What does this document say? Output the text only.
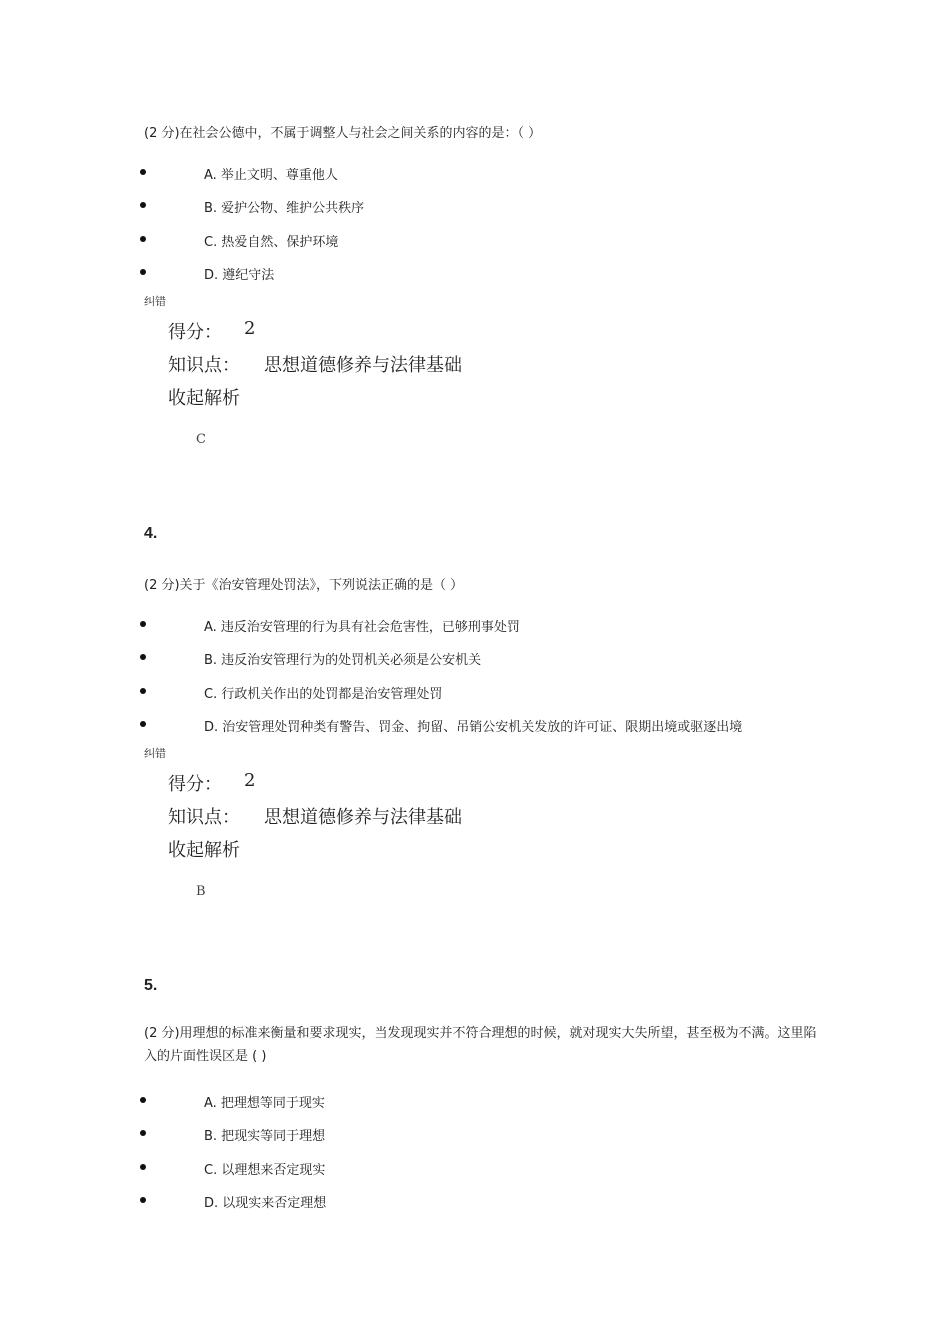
(2 分)在社会公德中，不属于调整人与社会之间关系的内容的是：（ ）
A. 举止文明、尊重他人
B. 爱护公物、维护公共秩序
C. 热爱自然、保护环境
D. 遵纪守法
纠错
得分： 2
知识点： 思想道德修养与法律基础
收起解析
C
4.
(2 分)关于《治安管理处罚法》，下列说法正确的是（ ）
A. 违反治安管理的行为具有社会危害性，已够刑事处罚
B. 违反治安管理行为的处罚机关必须是公安机关
C. 行政机关作出的处罚都是治安管理处罚
D. 治安管理处罚种类有警告、罚金、拘留、吊销公安机关发放的许可证、限期出境或驱逐出境
纠错
得分： 2
知识点： 思想道德修养与法律基础
收起解析
B
5.
(2 分)用理想的标准来衡量和要求现实，当发现现实并不符合理想的时候，就对现实大失所望，甚至极为不满。这里陷入的片面性误区是 ( )
A. 把理想等同于现实
B. 把现实等同于理想
C. 以理想来否定现实
D. 以现实来否定理想
